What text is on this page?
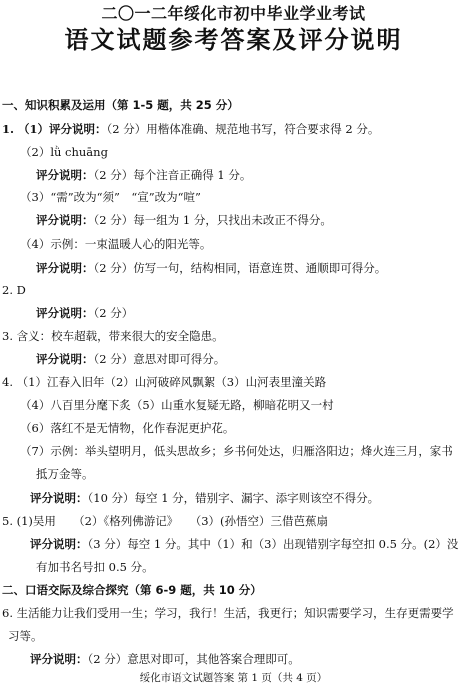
二〇一二年绥化市初中毕业学业考试
语文试题参考答案及评分说明
一、知识积累及运用（第 1-5 题，共 25 分）
1. （1）评分说明：（2 分）用楷体准确、规范地书写，符合要求得 2 分。
（2）lǜ chuāng
评分说明：（2 分）每个注音正确得 1 分。
（3）“需”改为“须”　“宣”改为“喧”
评分说明：（2 分）每一组为 1 分，只找出未改正不得分。
（4）示例：一束温暖人心的阳光等。
评分说明：（2 分）仿写一句，结构相同，语意连贯、通顺即可得分。
2. D
评分说明：（2 分）
3. 含义：校车超载，带来很大的安全隐患。
评分说明：（2 分）意思对即可得分。
4. （1）江春入旧年（2）山河破碎风飘絮（3）山河表里潼关路
（4）八百里分麾下炙（5）山重水复疑无路，柳暗花明又一村
（6）落红不是无情物，化作春泥更护花。
（7）示例：举头望明月，低头思故乡；乡书何处达，归雁洛阳边；烽火连三月，家书
抵万金等。
评分说明：（10 分）每空 1 分，错别字、漏字、添字则该空不得分。
5. (1)吴用　　（2）《格列佛游记》　　（3）(孙悟空）三借芭蕉扇
评分说明：（3 分）每空 1 分。其中（1）和（3）出现错别字每空扣 0.5 分。(2）没
有加书名号扣 0.5 分。
二、口语交际及综合探究（第 6-9 题，共 10 分）
6. 生活能力让我们受用一生；学习，我行！生活，我更行；知识需要学习，生存更需要学
习等。
评分说明：（2 分）意思对即可，其他答案合理即可。
绥化市语文试题答案 第 1 页（共 4 页）
